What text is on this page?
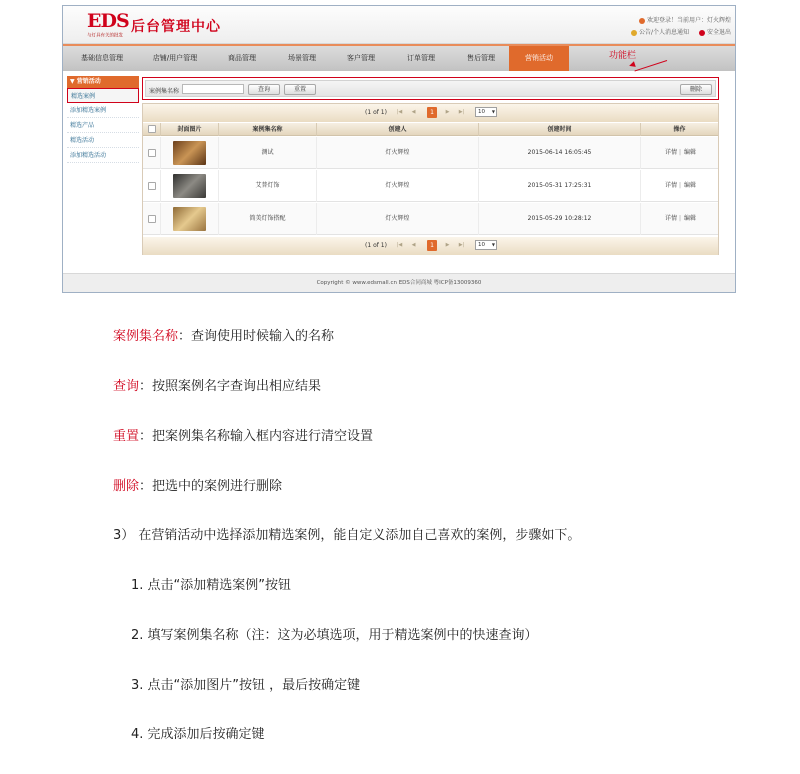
EDS
与灯具有关的批发
后台管理中心	欢迎登录！当前用户：灯火辉煌
公告/个人消息通知	安全退出
基础信息管理	店铺/用户管理	商品管理	场景管理	客户管理	订单管理	售后管理	营销活动	功能栏
▼ 营销活动
精选案例
添加精选案例
精选产品
精选活动
添加精选活动
案例集名称	查询	重置	删除
(1 of 1)	|◀	◀	1	▶	▶|	10 ▼
封面图片	案例集名称	创建人	创建时间	操作
测试	灯火辉煌	2015-06-14 16:05:45	详情 | 编辑
艾普灯饰	灯火辉煌	2015-05-31 17:25:31	详情 | 编辑
简美灯饰搭配	灯火辉煌	2015-05-29 10:28:12	详情 | 编辑
(1 of 1)	|◀	◀	1	▶	▶|	10 ▼
Copyright © www.edsmall.cn EDS合同商城 粤ICP备13009360
案例集名称：查询使用时候输入的名称
查询：按照案例名字查询出相应结果
重置：把案例集名称输入框内容进行清空设置
删除：把选中的案例进行删除
3） 在营销活动中选择添加精选案例，能自定义添加自己喜欢的案例，步骤如下。
1. 点击“添加精选案例”按钮
2. 填写案例集名称（注：这为必填选项，用于精选案例中的快速查询）
3. 点击“添加图片”按钮 ，最后按确定键
4. 完成添加后按确定键
